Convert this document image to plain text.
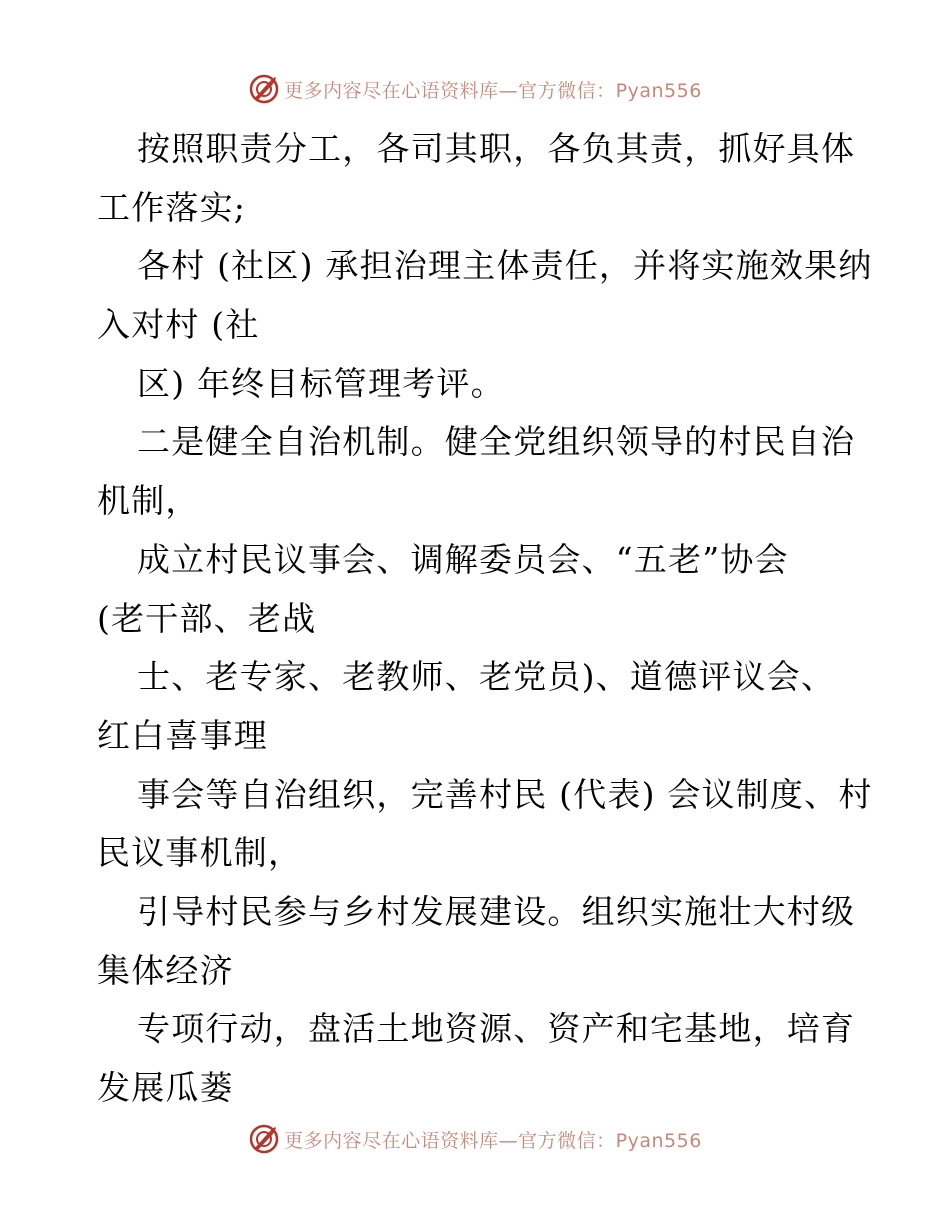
更多内容尽在心语资料库—官方微信：Pyan556
按照职责分工，各司其职，各负其责，抓好具体
工作落实;
各村 (社区) 承担治理主体责任，并将实施效果纳
入对村 (社
区) 年终目标管理考评。
二是健全自治机制。健全党组织领导的村民自治
机制，
成立村民议事会、调解委员会、“五老”协会
(老干部、老战
士、老专家、老教师、老党员)、道德评议会、
红白喜事理
事会等自治组织，完善村民 (代表) 会议制度、村
民议事机制，
引导村民参与乡村发展建设。组织实施壮大村级
集体经济
专项行动，盘活土地资源、资产和宅基地，培育
发展瓜蒌
更多内容尽在心语资料库—官方微信：Pyan556
